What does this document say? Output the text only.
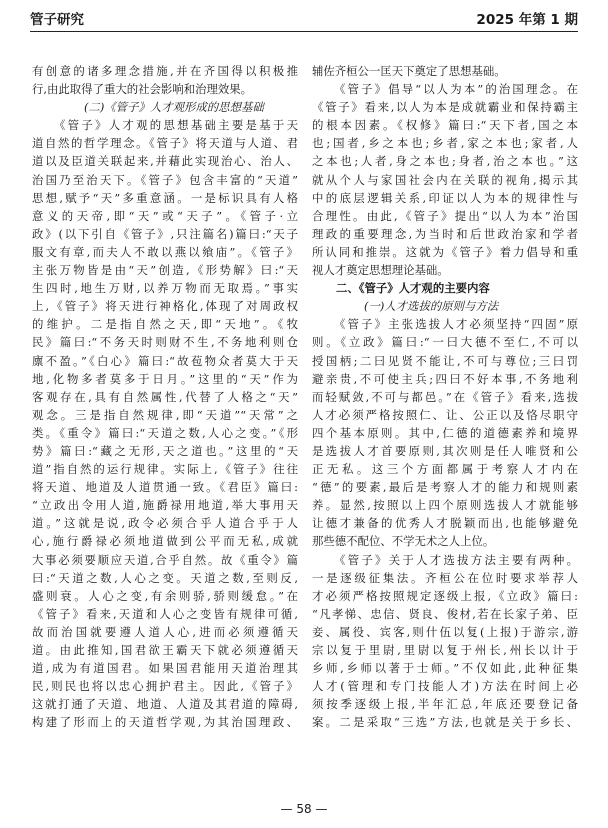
管子研究	2025 年第 1 期
有创意的诸多理念措施,并在齐国得以积极推
行,由此取得了重大的社会影响和治理效果。
(二)《管子》人才观形成的思想基础
《管子》人才观的思想基础主要是基于天
道自然的哲学理念。《管子》将天道与人道、君
道以及臣道关联起来,并藉此实现治心、治人、
治国乃至治天下。《管子》包含丰富的“天道”
思想,赋予“天”多重意涵。一是标识具有人格
意义的天帝,即“天”或“天子”。《管子·立
政》(以下引自《管子》,只注篇名)篇曰:“天子
服文有章,而夫人不敢以燕以飨庙”。《管子》
主张万物皆是由“天”创造,《形势解》曰:“天
生四时,地生万财,以养万物而无取焉。”事实
上,《管子》将天进行神格化,体现了对周政权
的维护。二是指自然之天,即“天地”。《牧
民》篇曰:“不务天时则财不生,不务地利则仓
廪不盈。”《白心》篇曰:“故苞物众者莫大于天
地,化物多者莫多于日月。”这里的“天”作为
客观存在,具有自然属性,代替了人格之“天”
观念。三是指自然规律,即“天道”“天常”之
类。《重令》篇曰:“天道之数,人心之变。”《形
势》篇曰:“藏之无形,天之道也。”这里的“天
道”指自然的运行规律。实际上,《管子》往往
将天道、地道及人道贯通一致。《君臣》篇曰:
“立政出令用人道,施爵禄用地道,举大事用天
道。”这就是说,政令必须合乎人道合乎于人
心,施行爵禄必须地道做到公平而无私,成就
大事必须要顺应天道,合乎自然。故《重令》篇
曰:“天道之数,人心之变。天道之数,至则反,
盛则衰。人心之变,有余则骄,骄则缓怠。”在
《管子》看来,天道和人心之变皆有规律可循,
故而治国就要遵人道人心,进而必须遵循天
道。由此推知,国君欲王霸天下就必须遵循天
道,成为有道国君。如果国君能用天道治理其
民,则民也将以忠心拥护君主。因此,《管子》
这就打通了天道、地道、人道及其君道的障碍,
构建了形而上的天道哲学观,为其治国理政、
辅佐齐桓公一匡天下奠定了思想基础。
《管子》倡导“以人为本”的治国理念。在
《管子》看来,以人为本是成就霸业和保持霸主
的根本因素。《权修》篇曰:“天下者,国之本
也;国者,乡之本也;乡者,家之本也;家者,人
之本也;人者,身之本也;身者,治之本也。”这
就从个人与家国社会内在关联的视角,揭示其
中的底层逻辑关系,印证以人为本的规律性与
合理性。由此,《管子》提出“以人为本”治国
理政的重要理念,为当时和后世政治家和学者
所认同和推崇。这就为《管子》着力倡导和重
视人才奠定思想理论基础。
二、《管子》人才观的主要内容
(一)人才选拔的原则与方法
《管子》主张选拔人才必须坚持“四固”原
则。《立政》篇曰:“一曰大德不至仁,不可以
授国柄;二曰见贤不能让,不可与尊位;三曰罚
避亲贵,不可使主兵;四曰不好本事,不务地利
而轻赋敛,不可与都邑。”在《管子》看来,选拔
人才必须严格按照仁、让、公正以及恪尽职守
四个基本原则。其中,仁德的道德素养和境界
是选拔人才首要原则,其次则是任人唯贤和公
正无私。这三个方面都属于考察人才内在
“德”的要素,最后是考察人才的能力和规则素
养。显然,按照以上四个原则选拔人才就能够
让德才兼备的优秀人才脱颖而出,也能够避免
那些德不配位、不学无术之人上位。
《管子》关于人才选拔方法主要有两种。
一是逐级征集法。齐桓公在位时要求举荐人
才必须严格按照规定逐级上报,《立政》篇曰:
“凡孝悌、忠信、贤良、俊材,若在长家子弟、臣
妾、属役、宾客,则什伍以复(上报)于游宗,游
宗以复于里尉,里尉以复于州长,州长以计于
乡师,乡师以著于士师。”不仅如此,此种征集
人才(管理和专门技能人才)方法在时间上必
须按季逐级上报,半年汇总,年底还要登记备
案。二是采取“三选”方法,也就是关于乡长、
— 58 —
